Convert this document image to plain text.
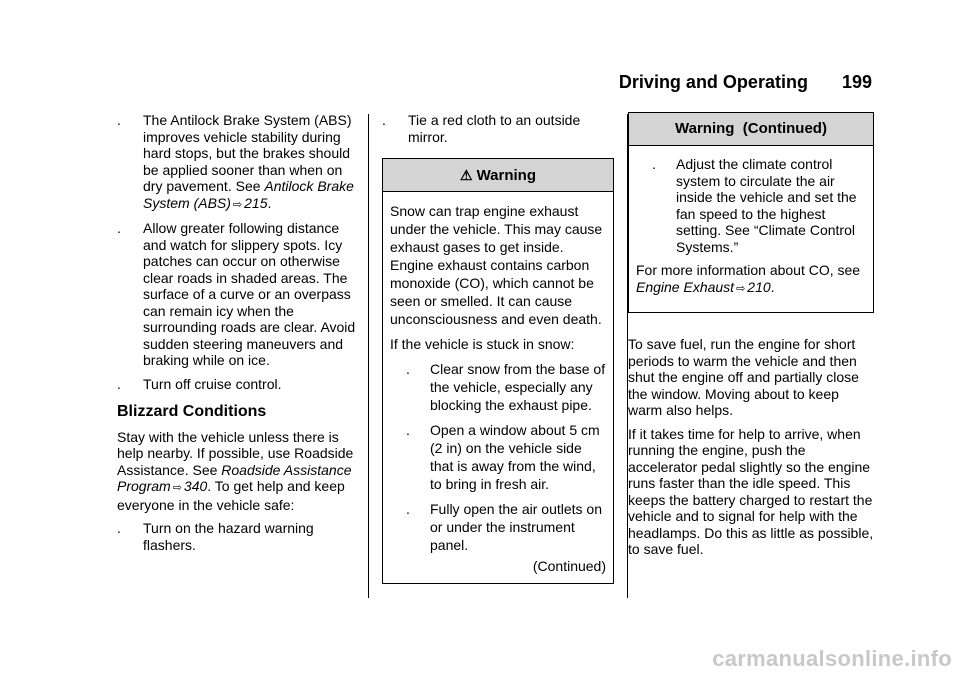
Driving and Operating 199
. The Antilock Brake System (ABS) improves vehicle stability during hard stops, but the brakes should be applied sooner than when on dry pavement. See Antilock Brake System (ABS) ⇨ 215.
. Allow greater following distance and watch for slippery spots. Icy patches can occur on otherwise clear roads in shaded areas. The surface of a curve or an overpass can remain icy when the surrounding roads are clear. Avoid sudden steering maneuvers and braking while on ice.
. Turn off cruise control.
Blizzard Conditions

Stay with the vehicle unless there is help nearby. If possible, use Roadside Assistance. See Roadside Assistance Program ⇨ 340. To get help and keep everyone in the vehicle safe:

. Turn on the hazard warning flashers.
. Tie a red cloth to an outside mirror.
⚠ Warning

Snow can trap engine exhaust under the vehicle. This may cause exhaust gases to get inside. Engine exhaust contains carbon monoxide (CO), which cannot be seen or smelled. It can cause unconsciousness and even death.

If the vehicle is stuck in snow:

. Clear snow from the base of the vehicle, especially any blocking the exhaust pipe.
. Open a window about 5 cm (2 in) on the vehicle side that is away from the wind, to bring in fresh air.
. Fully open the air outlets on or under the instrument panel.
(Continued)
Warning  (Continued)
. Adjust the climate control system to circulate the air inside the vehicle and set the fan speed to the highest setting. See “Climate Control Systems.”

For more information about CO, see Engine Exhaust ⇨ 210.

To save fuel, run the engine for short periods to warm the vehicle and then shut the engine off and partially close the window. Moving about to keep warm also helps.

If it takes time for help to arrive, when running the engine, push the accelerator pedal slightly so the engine runs faster than the idle speed. This keeps the battery charged to restart the vehicle and to signal for help with the headlamps. Do this as little as possible, to save fuel.

carmanualsonline.info
